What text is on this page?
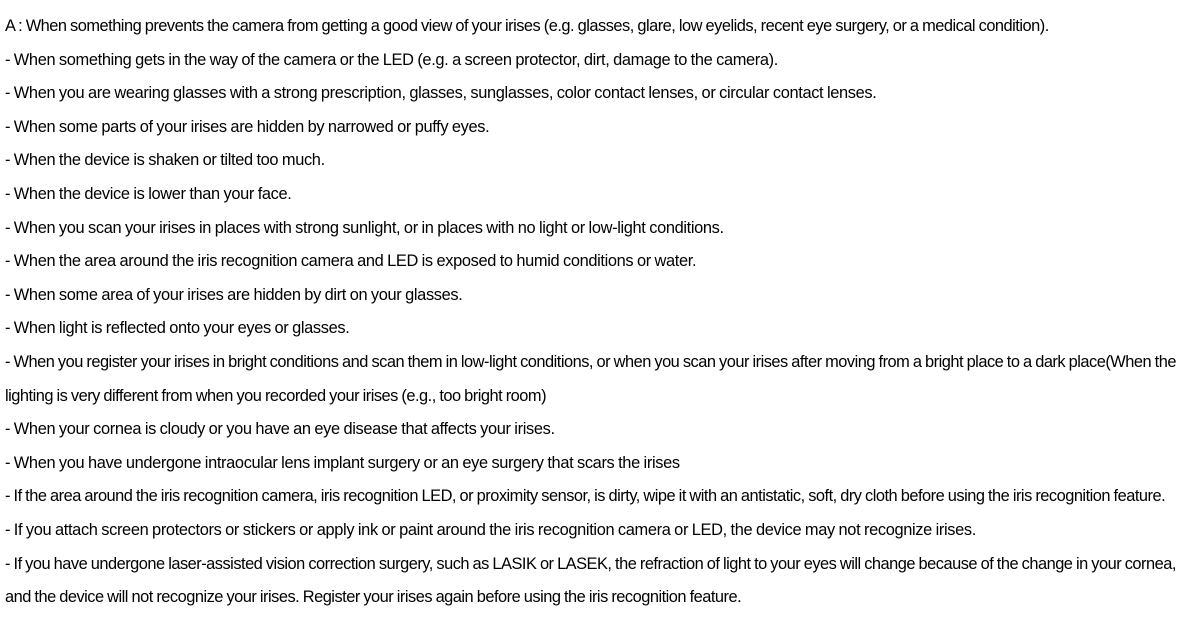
A : When something prevents the camera from getting a good view of your irises (e.g. glasses, glare, low eyelids, recent eye surgery, or a medical condition).

- When something gets in the way of the camera or the LED (e.g. a screen protector, dirt, damage to the camera).

- When you are wearing glasses with a strong prescription, glasses, sunglasses, color contact lenses, or circular contact lenses.

- When some parts of your irises are hidden by narrowed or puffy eyes.

- When the device is shaken or tilted too much.

- When the device is lower than your face.

- When you scan your irises in places with strong sunlight, or in places with no light or low-light conditions.

- When the area around the iris recognition camera and LED is exposed to humid conditions or water.

- When some area of your irises are hidden by dirt on your glasses.

- When light is reflected onto your eyes or glasses.

- When you register your irises in bright conditions and scan them in low-light conditions, or when you scan your irises after moving from a bright place to a dark place(When the lighting is very different from when you recorded your irises (e.g., too bright room)

- When your cornea is cloudy or you have an eye disease that affects your irises.

- When you have undergone intraocular lens implant surgery or an eye surgery that scars the irises

- If the area around the iris recognition camera, iris recognition LED, or proximity sensor, is dirty, wipe it with an antistatic, soft, dry cloth before using the iris recognition feature.

- If you attach screen protectors or stickers or apply ink or paint around the iris recognition camera or LED, the device may not recognize irises.

- If you have undergone laser-assisted vision correction surgery, such as LASIK or LASEK, the refraction of light to your eyes will change because of the change in your cornea, and the device will not recognize your irises. Register your irises again before using the iris recognition feature.
